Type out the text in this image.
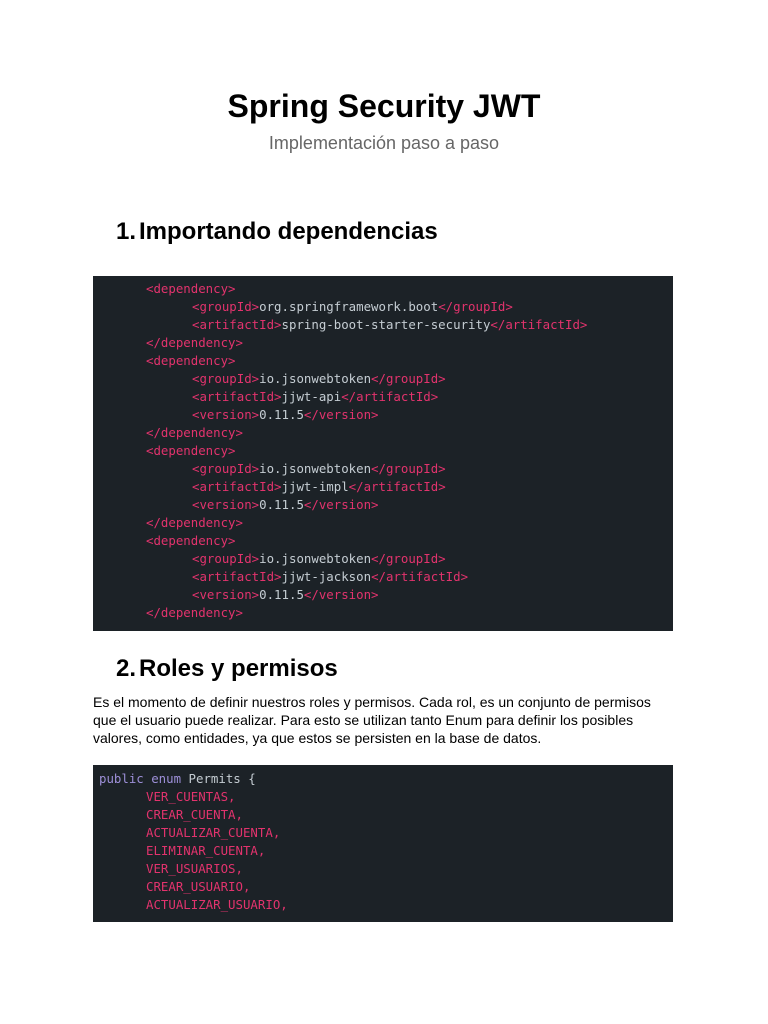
Spring Security JWT

Implementación paso a paso

1. Importando dependencias
<dependency>
<groupId>org.springframework.boot</groupId>
<artifactId>spring-boot-starter-security</artifactId>
</dependency>
<dependency>
<groupId>io.jsonwebtoken</groupId>
<artifactId>jjwt-api</artifactId>
<version>0.11.5</version>
</dependency>
<dependency>
<groupId>io.jsonwebtoken</groupId>
<artifactId>jjwt-impl</artifactId>
<version>0.11.5</version>
</dependency>
<dependency>
<groupId>io.jsonwebtoken</groupId>
<artifactId>jjwt-jackson</artifactId>
<version>0.11.5</version>
</dependency>
2. Roles y permisos

Es el momento de definir nuestros roles y permisos. Cada rol, es un conjunto de permisos que el usuario puede realizar. Para esto se utilizan tanto Enum para definir los posibles valores, como entidades, ya que estos se persisten en la base de datos.

public enum Permits {
VER_CUENTAS,
CREAR_CUENTA,
ACTUALIZAR_CUENTA,
ELIMINAR_CUENTA,
VER_USUARIOS,
CREAR_USUARIO,
ACTUALIZAR_USUARIO,
